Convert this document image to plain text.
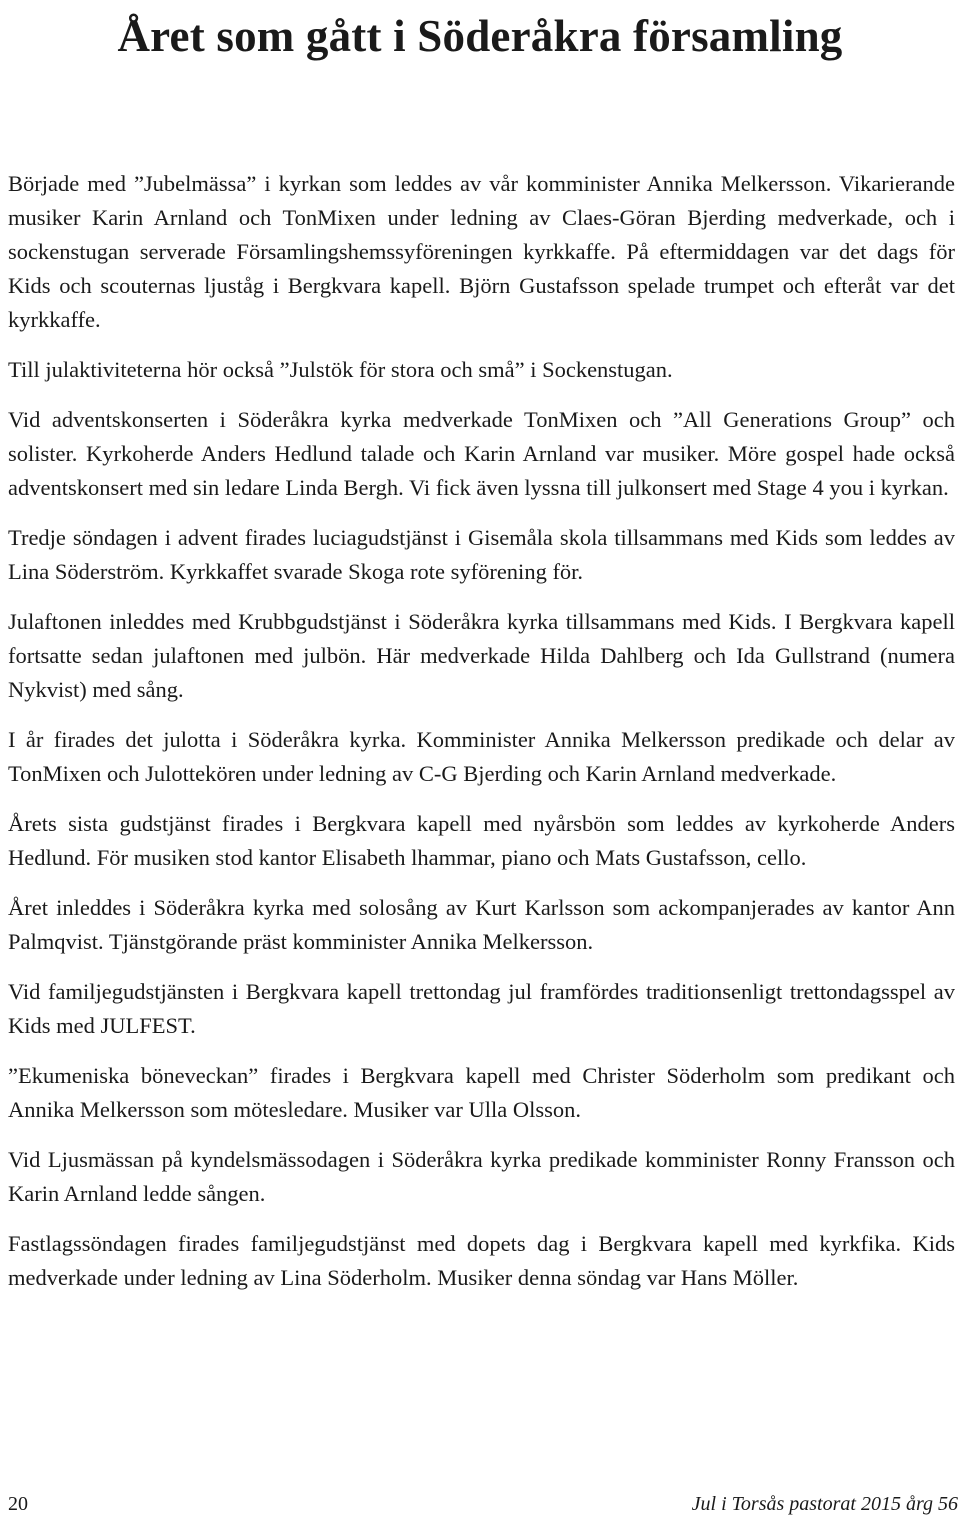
Året som gått i Söderåkra församling

Började med ”Jubelmässa” i kyrkan som leddes av vår komminister Annika Melkersson. Vikarierande musiker Karin Arnland och TonMixen under ledning av Claes-Göran Bjerding medverkade, och i sockenstugan serverade Församlingshemssyföreningen kyrkkaffe. På eftermiddagen var det dags för Kids och scouternas ljuståg i Bergkvara kapell. Björn Gustafsson spelade trumpet och efteråt var det kyrkkaffe.

Till julaktiviteterna hör också ”Julstök för stora och små” i Sockenstugan.

Vid adventskonserten i Söderåkra kyrka medverkade TonMixen och ”All Generations Group” och solister. Kyrkoherde Anders Hedlund talade och Karin Arnland var musiker. Möre gospel hade också adventskonsert med sin ledare Linda Bergh. Vi fick även lyssna till julkonsert med Stage 4 you i kyrkan.

Tredje söndagen i advent firades luciagudstjänst i Gisemåla skola tillsammans med Kids som leddes av Lina Söderström. Kyrkkaffet svarade Skoga rote syförening för.

Julaftonen inleddes med Krubbgudstjänst i Söderåkra kyrka tillsammans med Kids. I Bergkvara kapell fortsatte sedan julaftonen med julbön. Här medverkade Hilda Dahlberg och Ida Gullstrand (numera Nykvist) med sång.

I år firades det julotta i Söderåkra kyrka. Komminister Annika Melkersson predikade och delar av TonMixen och Julottekören under ledning av C-G Bjerding och Karin Arnland medverkade.

Årets sista gudstjänst firades i Bergkvara kapell med nyårsbön som leddes av kyrkoherde Anders Hedlund. För musiken stod kantor Elisabeth lhammar, piano och Mats Gustafsson, cello.

Året inleddes i Söderåkra kyrka med solosång av Kurt Karlsson som ackompanjerades av kantor Ann Palmqvist. Tjänstgörande präst komminister Annika Melkersson.

Vid familjegudstjänsten i Bergkvara kapell trettondag jul framfördes traditionsenligt trettondagsspel av Kids med JULFEST.

”Ekumeniska böneveckan” firades i Bergkvara kapell med Christer Söderholm som predikant och Annika Melkersson som mötesledare. Musiker var Ulla Olsson.

Vid Ljusmässan på kyndelsmässodagen i Söderåkra kyrka predikade komminister Ronny Fransson och Karin Arnland ledde sången.

Fastlagssöndagen firades familjegudstjänst med dopets dag i Bergkvara kapell med kyrkfika. Kids medverkade under ledning av Lina Söderholm. Musiker denna söndag var Hans Möller.

20	Jul i Torsås pastorat 2015 årg 56
